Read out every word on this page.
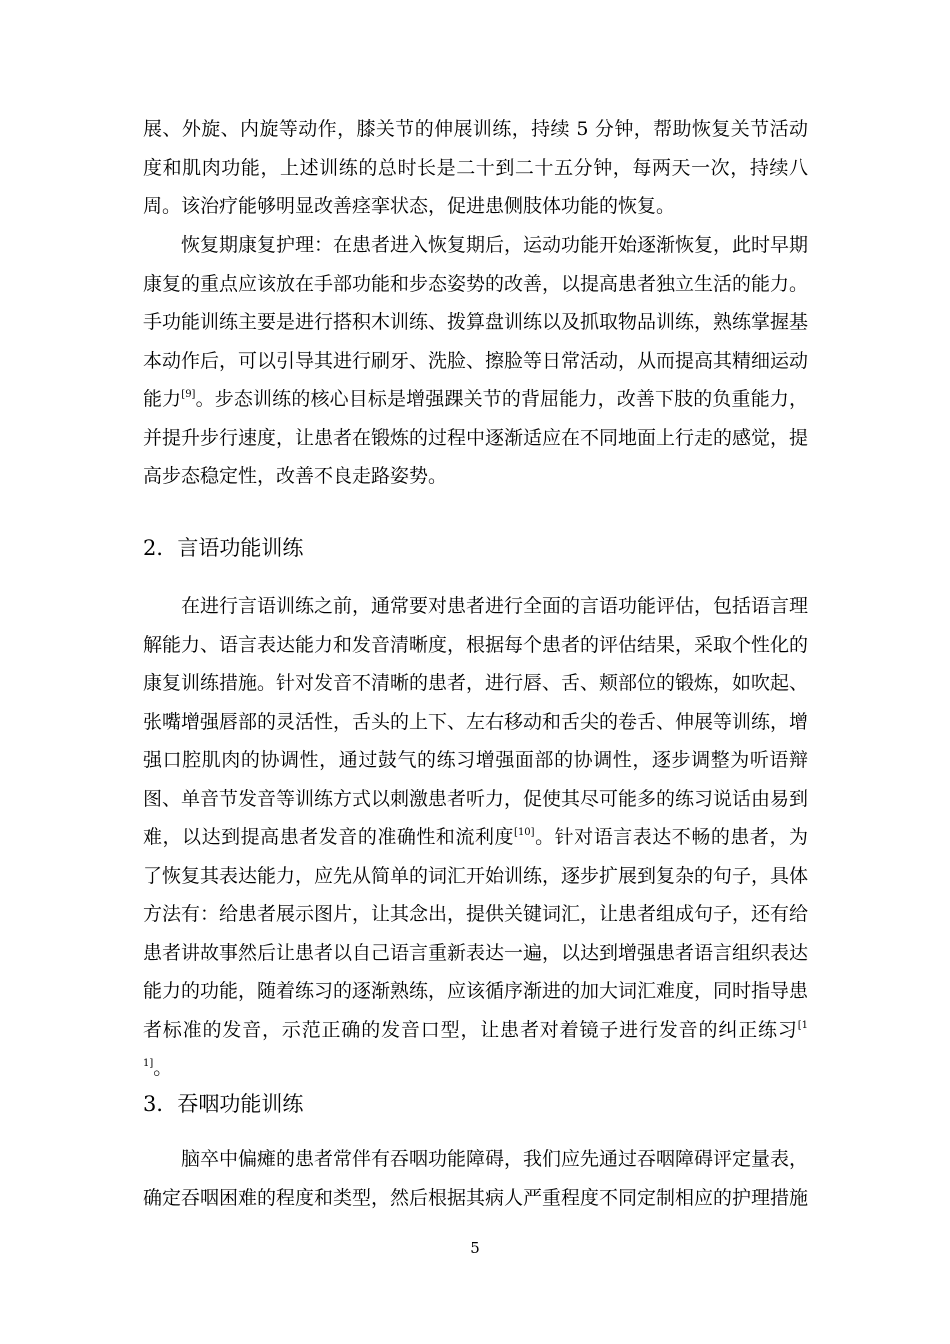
展、外旋、内旋等动作，膝关节的伸展训练，持续 5 分钟，帮助恢复关节活动度和肌肉功能，上述训练的总时长是二十到二十五分钟，每两天一次，持续八周。该治疗能够明显改善痉挛状态，促进患侧肢体功能的恢复。

恢复期康复护理：在患者进入恢复期后，运动功能开始逐渐恢复，此时早期康复的重点应该放在手部功能和步态姿势的改善，以提高患者独立生活的能力。手功能训练主要是进行搭积木训练、拨算盘训练以及抓取物品训练，熟练掌握基本动作后，可以引导其进行刷牙、洗脸、擦脸等日常活动，从而提高其精细运动能力[9]。步态训练的核心目标是增强踝关节的背屈能力，改善下肢的负重能力，并提升步行速度，让患者在锻炼的过程中逐渐适应在不同地面上行走的感觉，提高步态稳定性，改善不良走路姿势。

2．言语功能训练

在进行言语训练之前，通常要对患者进行全面的言语功能评估，包括语言理解能力、语言表达能力和发音清晰度，根据每个患者的评估结果，采取个性化的康复训练措施。针对发音不清晰的患者，进行唇、舌、颊部位的锻炼，如吹起、张嘴增强唇部的灵活性，舌头的上下、左右移动和舌尖的卷舌、伸展等训练，增强口腔肌肉的协调性，通过鼓气的练习增强面部的协调性，逐步调整为听语辩图、单音节发音等训练方式以刺激患者听力，促使其尽可能多的练习说话由易到难，以达到提高患者发音的准确性和流利度[10]。针对语言表达不畅的患者，为了恢复其表达能力，应先从简单的词汇开始训练，逐步扩展到复杂的句子，具体方法有：给患者展示图片，让其念出，提供关键词汇，让患者组成句子，还有给患者讲故事然后让患者以自己语言重新表达一遍，以达到增强患者语言组织表达能力的功能，随着练习的逐渐熟练，应该循序渐进的加大词汇难度，同时指导患者标准的发音，示范正确的发音口型，让患者对着镜子进行发音的纠正练习[11]。

3．吞咽功能训练

脑卒中偏瘫的患者常伴有吞咽功能障碍，我们应先通过吞咽障碍评定量表，确定吞咽困难的程度和类型，然后根据其病人严重程度不同定制相应的护理措施

5
